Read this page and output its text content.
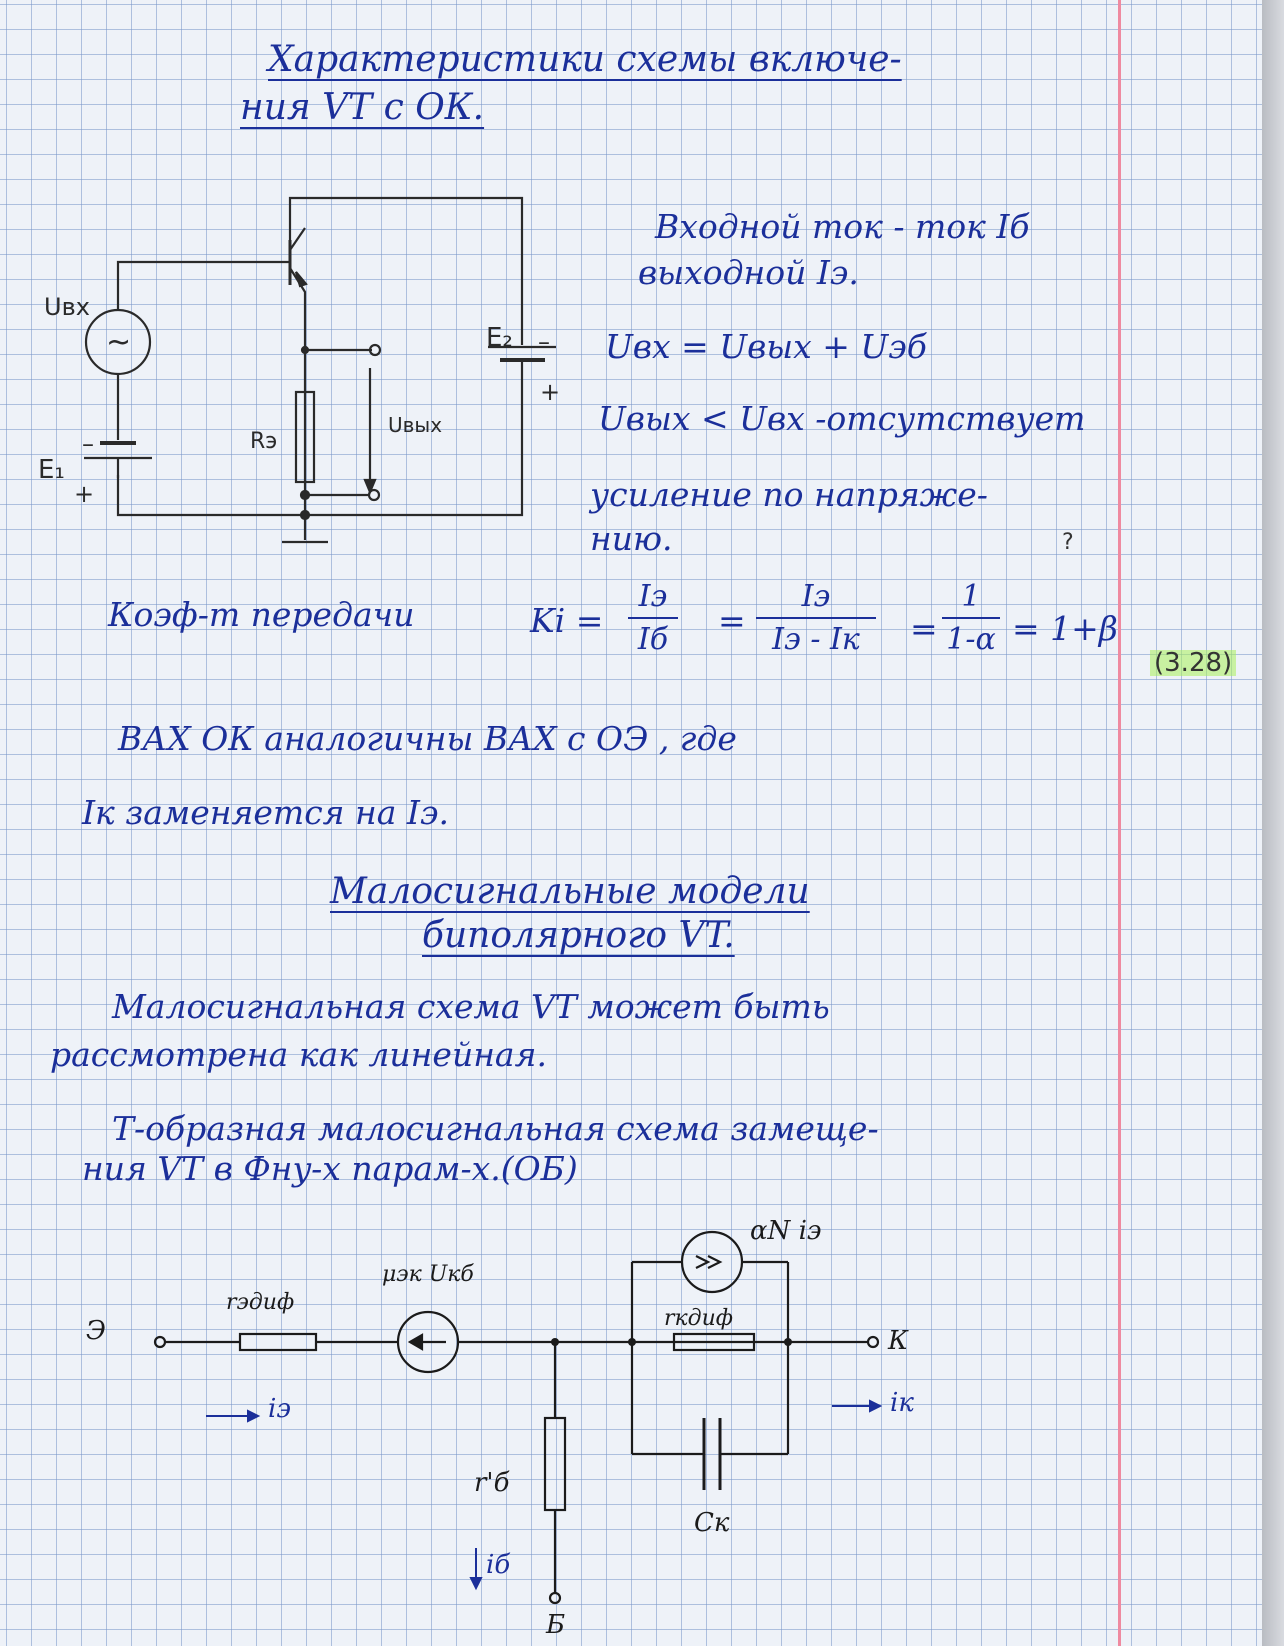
Характеристики схемы включе-

ния VT с ОК.

~
Uвх
Uвых
Rэ
E₁
–
+
E₂ –
+

Входной ток - ток Iб

выходной Iэ.

Uвх = Uвых + Uэб

Uвых < Uвх -отсутствует

усиление по напряже-

нию.	?

Коэф-т передачи	Ki =

Iэ
Iб =

Iэ
Iэ - Iк =

1
1-α = 1+β

(3.28)

ВАХ ОК аналогичны ВАХ с ОЭ , где

Iк заменяется на Iэ.

Малосигнальные модели

биполярного VT.

Малосигнальная схема VT может быть

рассмотрена как линейная.

Т-образная малосигнальная схема замеще-

ния VT в Фнy-х парам-х.(ОБ)

Э	К

Б

rэдиф

μэк Uкб

αN iэ

rкдиф

r'б

Cк

iэ	iк

iб
